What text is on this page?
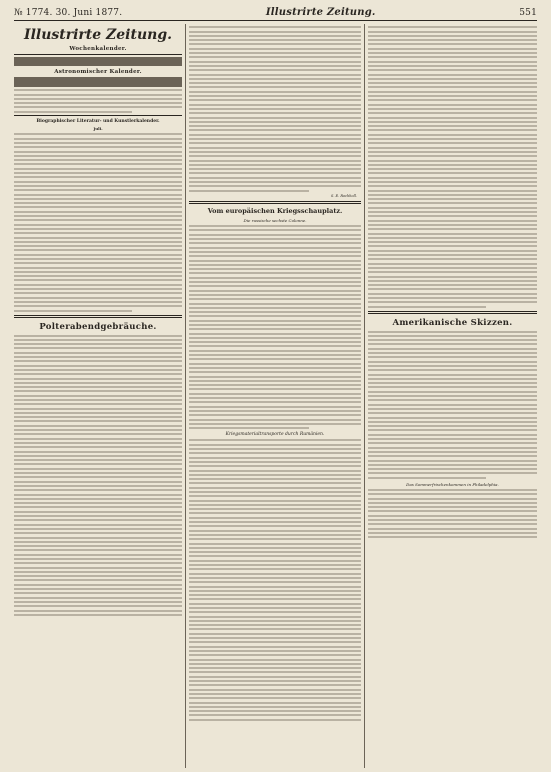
№ 1774. 30. Juni 1877.	Illustrirte Zeitung.	551
Illustrirte Zeitung.
Wochenkalender.

Astronomischer Kalender.

Biographischer Literatur- und Kunstlerkalender.
Juli.
Polterabendgebräuche.
S. E. Rochholl.
Vom europäischen Kriegsschauplatz.
Die russische sechste Colonne.
Kriegsmaterialtransporte durch Rumänien.
Amerikanische Skizzen.
Das Sommerfrischenkommen in Philadelphia.
